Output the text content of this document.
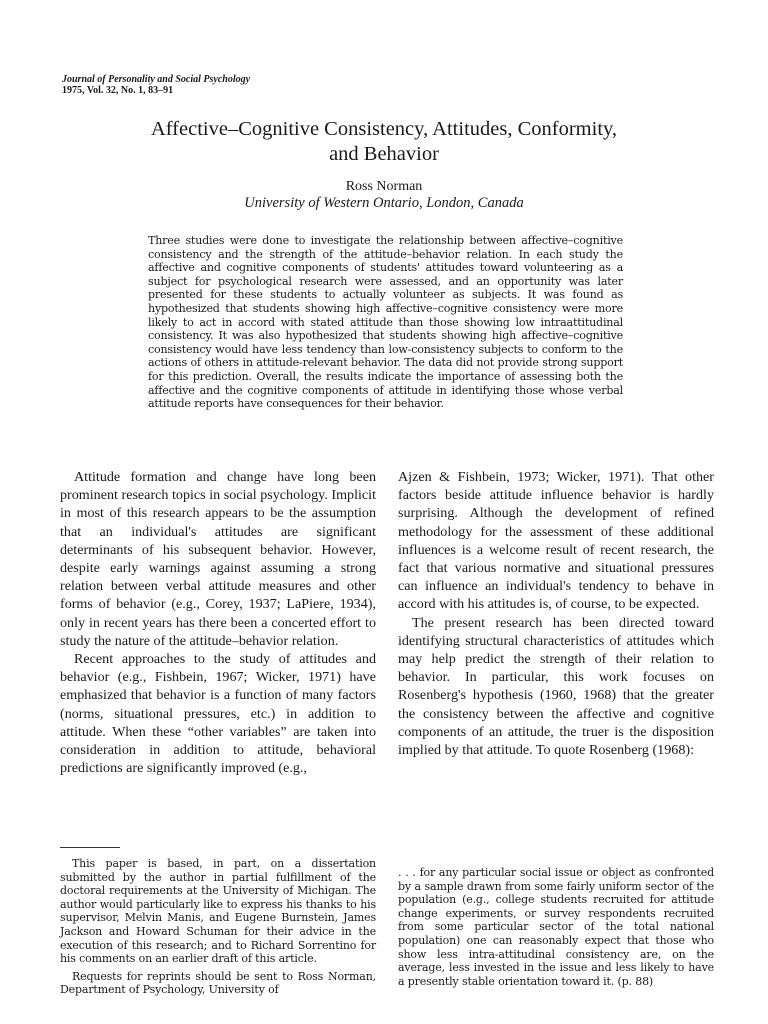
Journal of Personality and Social Psychology
1975, Vol. 32, No. 1, 83–91
Affective–Cognitive Consistency, Attitudes, Conformity,
and Behavior
Ross Norman
University of Western Ontario, London, Canada
Three studies were done to investigate the relationship between affective–cognitive consistency and the strength of the attitude–behavior relation. In each study the affective and cognitive components of students' attitudes toward volunteering as a subject for psychological research were assessed, and an opportunity was later presented for these students to actually volunteer as subjects. It was found as hypothesized that students showing high affective–cognitive consistency were more likely to act in accord with stated attitude than those showing low intraattitudinal consistency. It was also hypothesized that students showing high affective–cognitive consistency would have less tendency than low-consistency subjects to conform to the actions of others in attitude-relevant behavior. The data did not provide strong support for this prediction. Overall, the results indicate the importance of assessing both the affective and the cognitive components of attitude in identifying those whose verbal attitude reports have consequences for their behavior.

Attitude formation and change have long been prominent research topics in social psychology. Implicit in most of this research appears to be the assumption that an individual's attitudes are significant determinants of his subsequent behavior. However, despite early warnings against assuming a strong relation between verbal attitude measures and other forms of behavior (e.g., Corey, 1937; LaPiere, 1934), only in recent years has there been a concerted effort to study the nature of the attitude–behavior relation.

Recent approaches to the study of attitudes and behavior (e.g., Fishbein, 1967; Wicker, 1971) have emphasized that behavior is a function of many factors (norms, situational pressures, etc.) in addition to attitude. When these “other variables” are taken into consideration in addition to attitude, behavioral predictions are significantly improved (e.g.,

Ajzen & Fishbein, 1973; Wicker, 1971). That other factors beside attitude influence behavior is hardly surprising. Although the development of refined methodology for the assessment of these additional influences is a welcome result of recent research, the fact that various normative and situational pressures can influence an individual's tendency to behave in accord with his attitudes is, of course, to be expected.

The present research has been directed toward identifying structural characteristics of attitudes which may help predict the strength of their relation to behavior. In particular, this work focuses on Rosenberg's hypothesis (1960, 1968) that the greater the consistency between the affective and cognitive components of an attitude, the truer is the disposition implied by that attitude. To quote Rosenberg (1968):

This paper is based, in part, on a dissertation submitted by the author in partial fulfillment of the doctoral requirements at the University of Michigan. The author would particularly like to express his thanks to his supervisor, Melvin Manis, and Eugene Burnstein, James Jackson and Howard Schuman for their advice in the execution of this research; and to Richard Sorrentino for his comments on an earlier draft of this article.

Requests for reprints should be sent to Ross Norman, Department of Psychology, University of

. . . for any particular social issue or object as confronted by a sample drawn from some fairly uniform sector of the population (e.g., college students recruited for attitude change experiments, or survey respondents recruited from some particular sector of the total national population) one can reasonably expect that those who show less intra-attitudinal consistency are, on the average, less invested in the issue and less likely to have a presently stable orientation toward it. (p. 88)
